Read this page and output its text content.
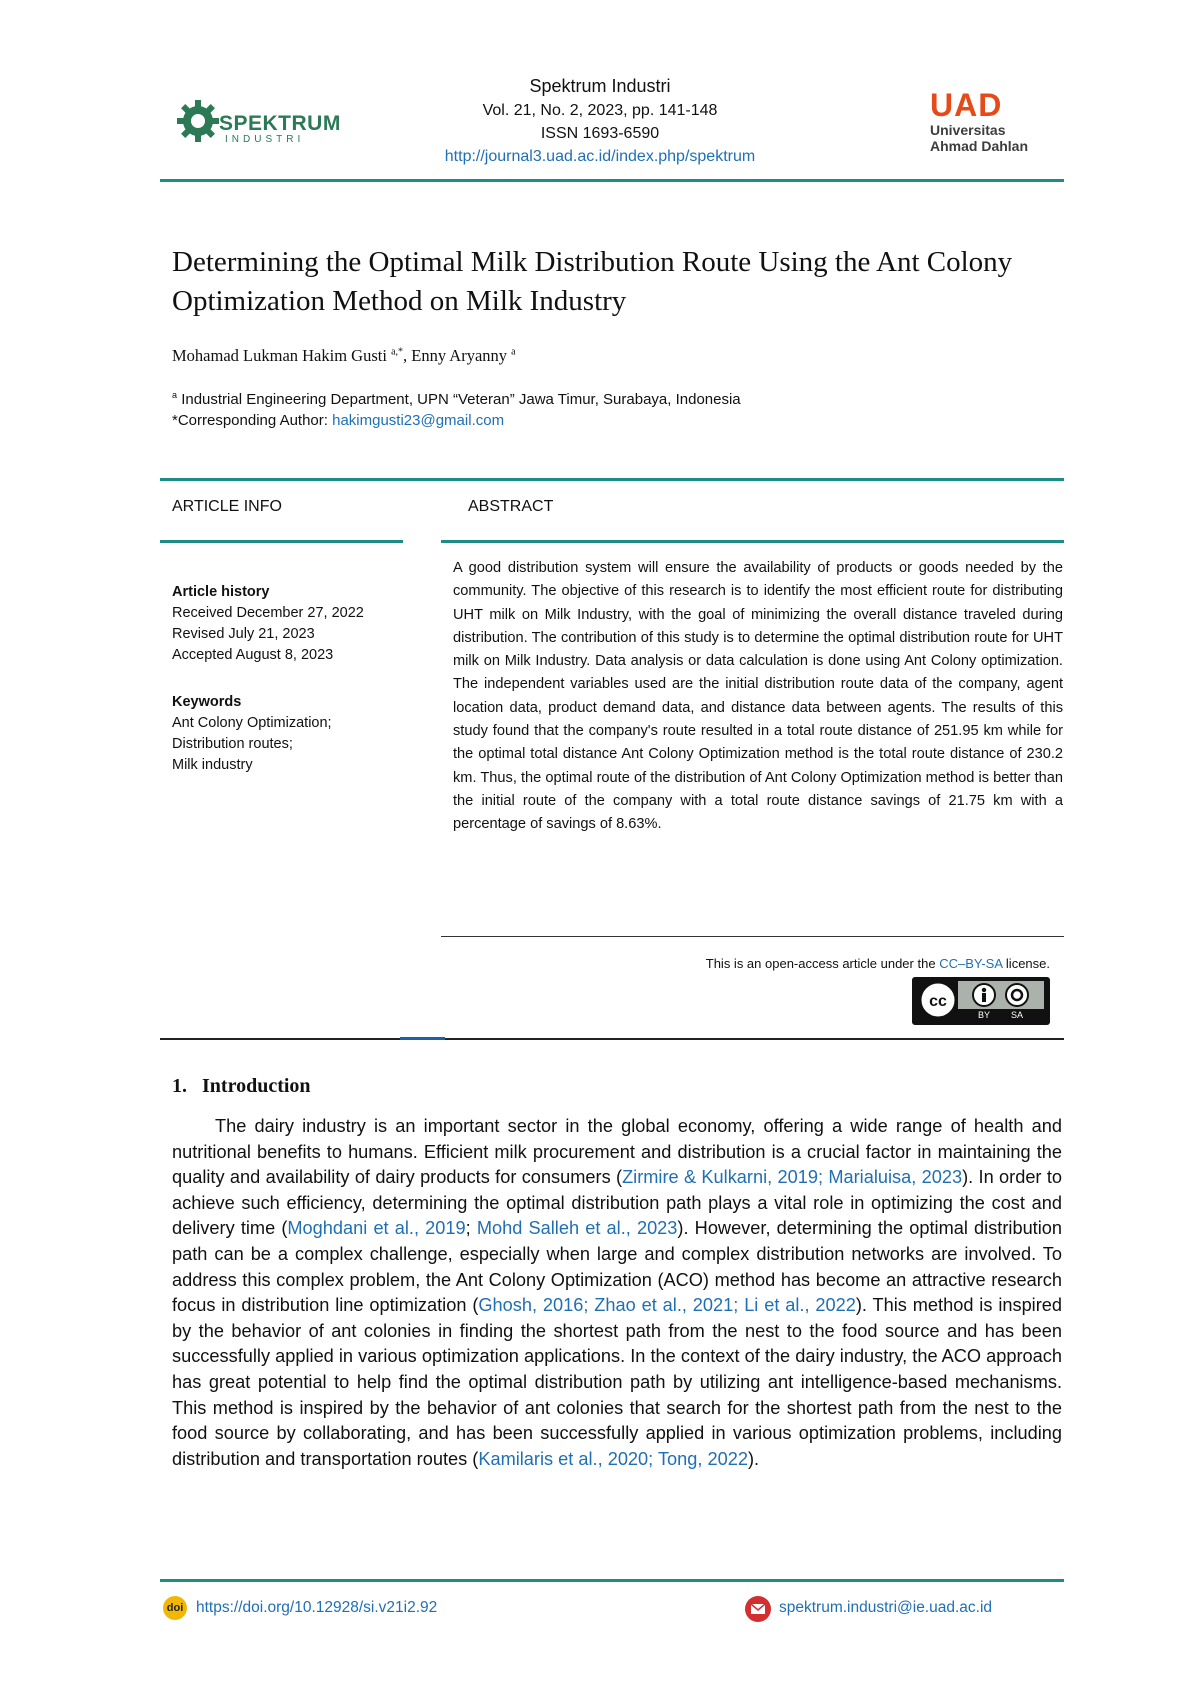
SPEKTRUM
INDUSTRI
Spektrum Industri
Vol. 21, No. 2, 2023, pp. 141-148
ISSN 1693-6590
http://journal3.uad.ac.id/index.php/spektrum
UAD
Universitas
Ahmad Dahlan
Determining the Optimal Milk Distribution Route Using the Ant Colony Optimization Method on Milk Industry
Mohamad Lukman Hakim Gusti $^{a,*}$, Enny Aryanny $^a$
$^a$ Industrial Engineering Department, UPN “Veteran” Jawa Timur, Surabaya, Indonesia
*Corresponding Author: hakimgusti23@gmail.com
ARTICLE INFO
Article history
Received December 27, 2022
Revised July 21, 2023
Accepted August 8, 2023
Keywords
Ant Colony Optimization;
Distribution routes;
Milk industry
ABSTRACT
A good distribution system will ensure the availability of products or goods needed by the community. The objective of this research is to identify the most efficient route for distributing UHT milk on Milk Industry, with the goal of minimizing the overall distance traveled during distribution. The contribution of this study is to determine the optimal distribution route for UHT milk on Milk Industry. Data analysis or data calculation is done using Ant Colony optimization. The independent variables used are the initial distribution route data of the company, agent location data, product demand data, and distance data between agents. The results of this study found that the company's route resulted in a total route distance of 251.95 km while for the optimal total distance Ant Colony Optimization method is the total route distance of 230.2 km. Thus, the optimal route of the distribution of Ant Colony Optimization method is better than the initial route of the company with a total route distance savings of 21.75 km with a percentage of savings of 8.63%.
This is an open-access article under the CC–BY-SA license.
cc
BY SA
1. Introduction

The dairy industry is an important sector in the global economy, offering a wide range of health and nutritional benefits to humans. Efficient milk procurement and distribution is a crucial factor in maintaining the quality and availability of dairy products for consumers (Zirmire & Kulkarni, 2019; Marialuisa, 2023). In order to achieve such efficiency, determining the optimal distribution path plays a vital role in optimizing the cost and delivery time (Moghdani et al., 2019; Mohd Salleh et al., 2023). However, determining the optimal distribution path can be a complex challenge, especially when large and complex distribution networks are involved. To address this complex problem, the Ant Colony Optimization (ACO) method has become an attractive research focus in distribution line optimization (Ghosh, 2016; Zhao et al., 2021; Li et al., 2022). This method is inspired by the behavior of ant colonies in finding the shortest path from the nest to the food source and has been successfully applied in various optimization applications. In the context of the dairy industry, the ACO approach has great potential to help find the optimal distribution path by utilizing ant intelligence-based mechanisms. This method is inspired by the behavior of ant colonies that search for the shortest path from the nest to the food source by collaborating, and has been successfully applied in various optimization problems, including distribution and transportation routes (Kamilaris et al., 2020; Tong, 2022).

doi https://doi.org/10.12928/si.v21i2.92	spektrum.industri@ie.uad.ac.id
